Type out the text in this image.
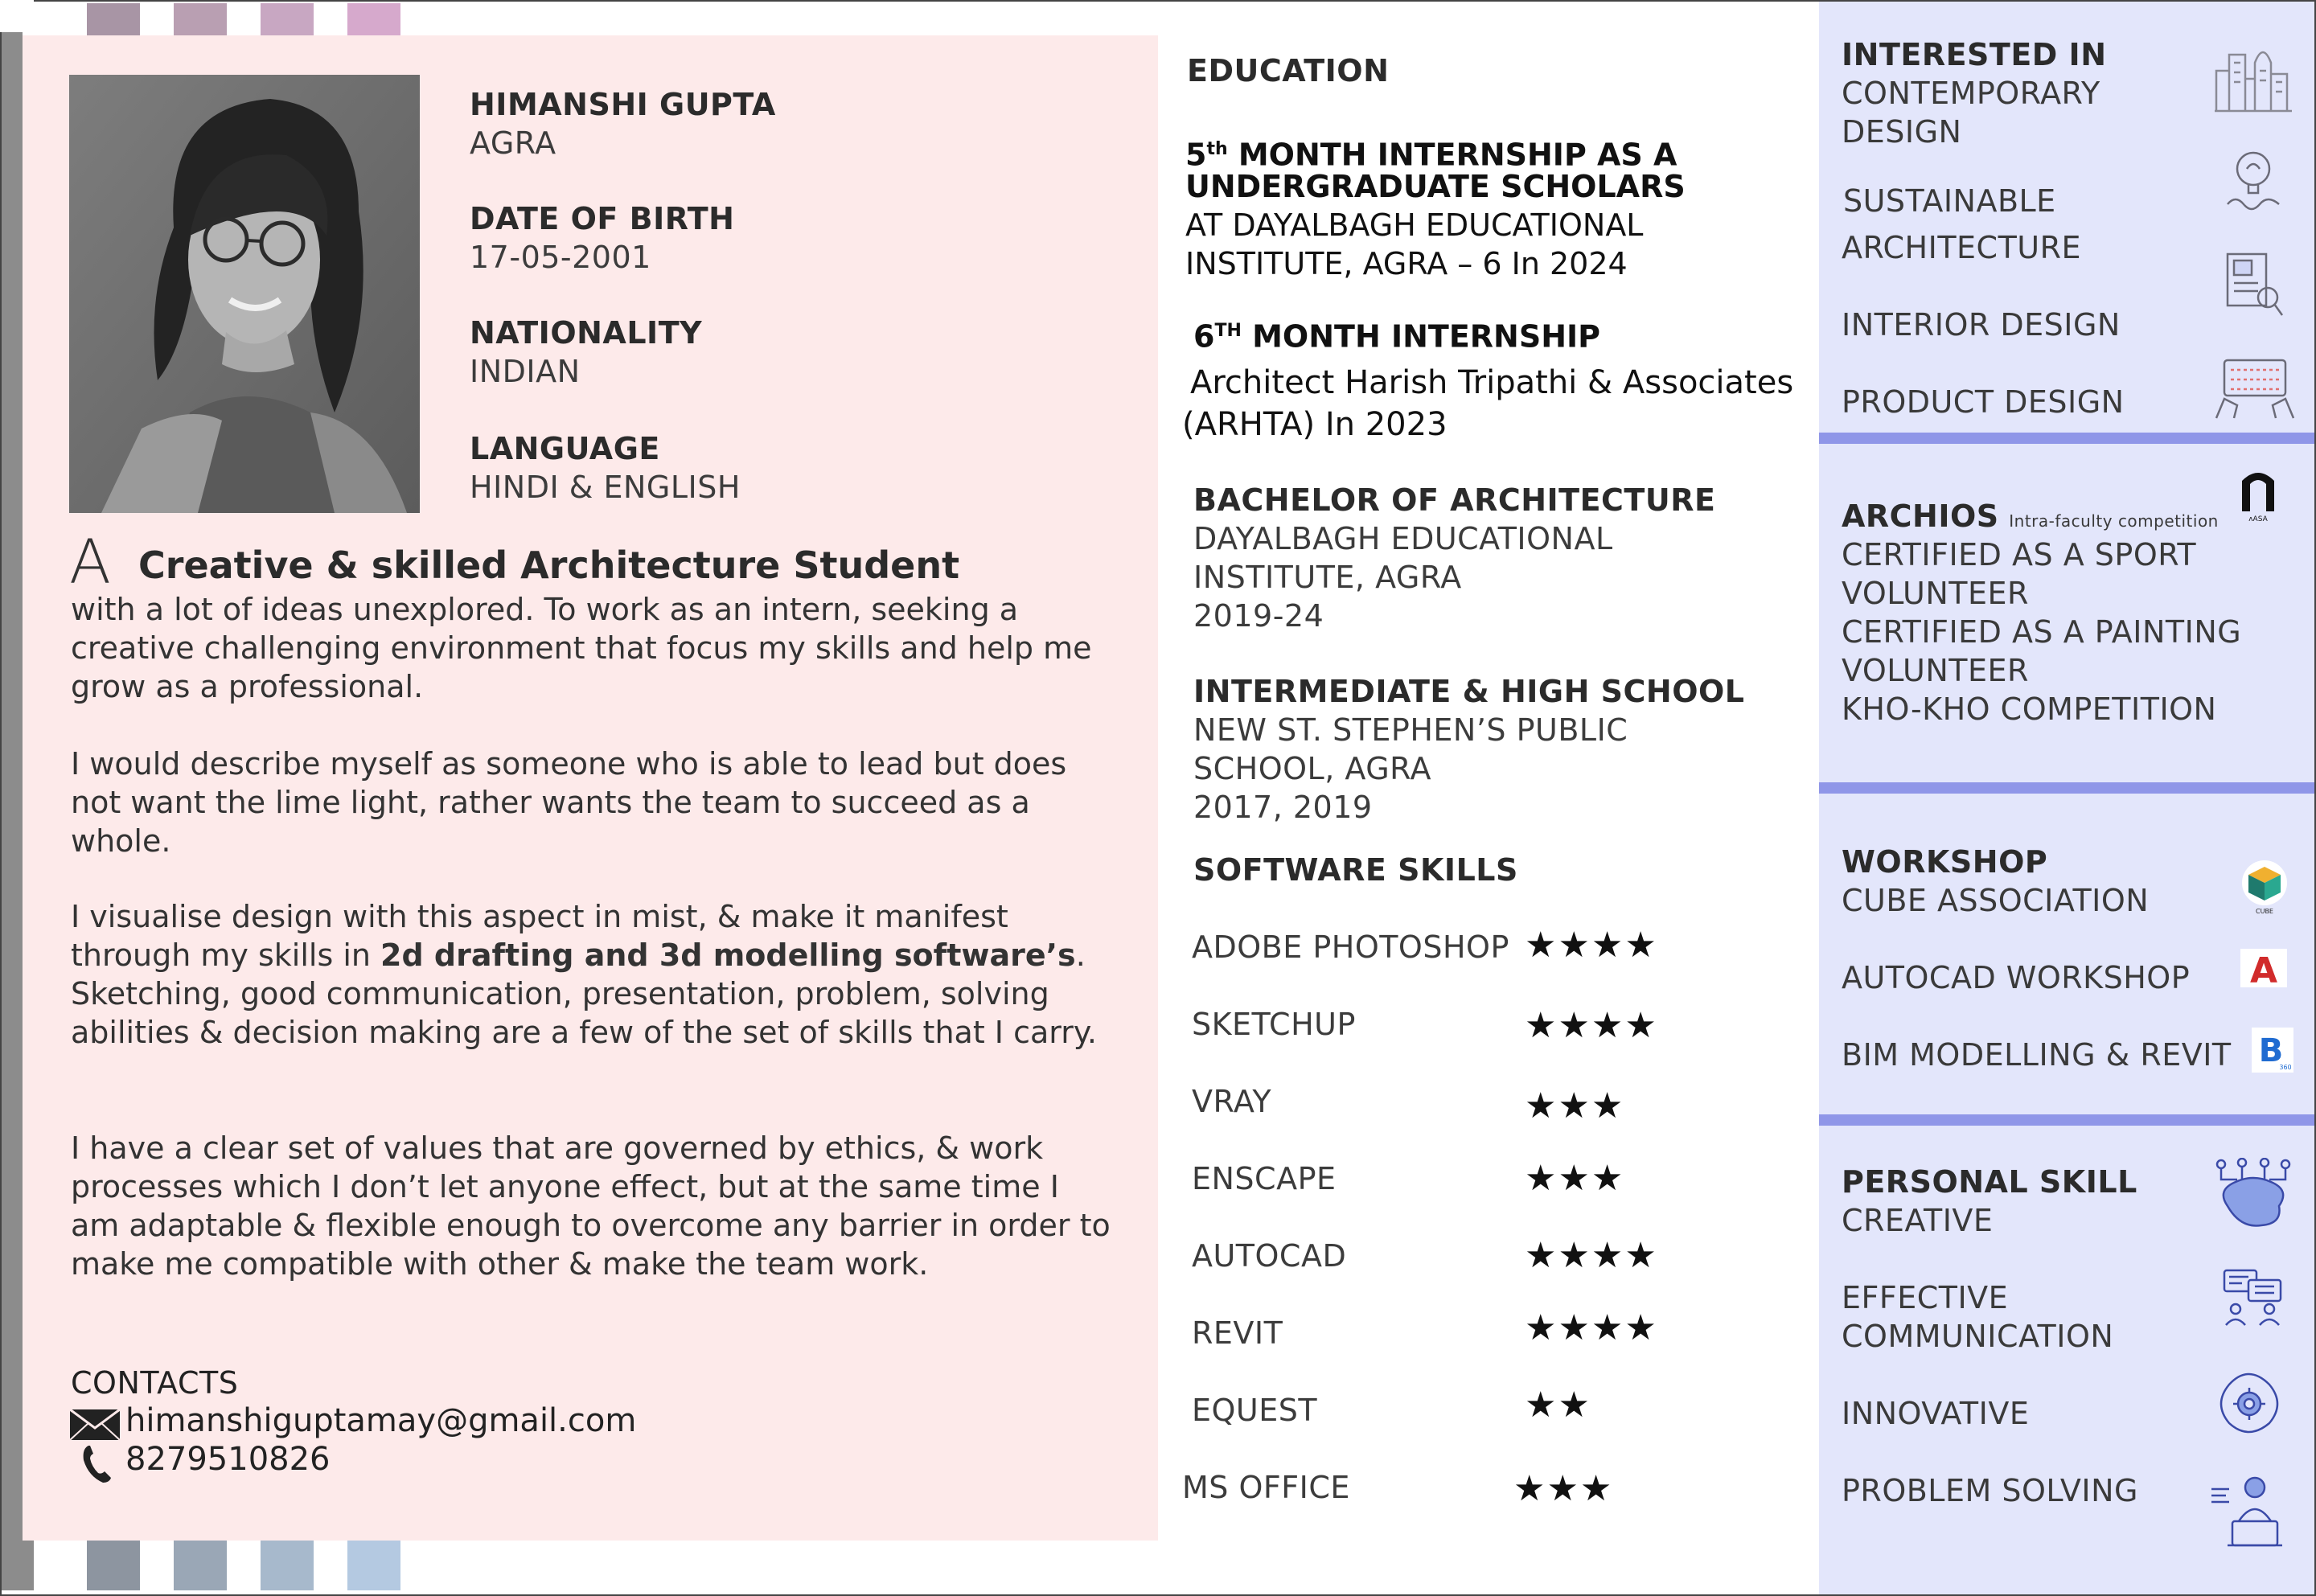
HIMANSHI GUPTA
AGRA
DATE OF BIRTH
17-05-2001
NATIONALITY
INDIAN
LANGUAGE
HINDI & ENGLISH
A Creative & skilled Architecture Student
with a lot of ideas unexplored. To work as an intern, seeking a creative challenging environment that focus my skills and help me grow as a professional.
I would describe myself as someone who is able to lead but does not want the lime light, rather wants the team to succeed as a whole.
I visualise design with this aspect in mist, & make it manifest through my skills in 2d drafting and 3d modelling software’s. Sketching, good communication, presentation, problem, solving abilities & decision making are a few of the set of skills that I carry.
I have a clear set of values that are governed by ethics, & work processes which I don’t let anyone effect, but at the same time I am adaptable & flexible enough to overcome any barrier in order to make me compatible with other & make the team work.
CONTACTS
himanshiguptamay@gmail.com
8279510826
EDUCATION
5th MONTH INTERNSHIP AS A
UNDERGRADUATE SCHOLARS
AT DAYALBAGH EDUCATIONAL
INSTITUTE, AGRA – 6 In 2024
6TH MONTH INTERNSHIP
Architect Harish Tripathi & Associates
(ARHTA) In 2023
BACHELOR OF ARCHITECTURE
DAYALBAGH EDUCATIONAL
INSTITUTE, AGRA
2019-24
INTERMEDIATE & HIGH SCHOOL
NEW ST. STEPHEN’S PUBLIC
SCHOOL, AGRA
2017, 2019
SOFTWARE SKILLS
ADOBE PHOTOSHOP ★★★★
SKETCHUP	★★★★
VRAY	★★★
ENSCAPE	★★★
AUTOCAD	★★★★
REVIT	★★★★
EQUEST	★★
MS OFFICE	★★★
INTERESTED IN
CONTEMPORARY
DESIGN
SUSTAINABLE
ARCHITECTURE
INTERIOR DESIGN
PRODUCT DESIGN
ʌASA
ARCHIOS Intra-faculty competition
CERTIFIED AS A SPORT
VOLUNTEER
CERTIFIED AS A PAINTING
VOLUNTEER
KHO-KHO COMPETITION
WORKSHOP
CUBE ASSOCIATION
AUTOCAD WORKSHOP
BIM MODELLING & REVIT
CUBE
A
B
360
PERSONAL SKILL
CREATIVE
EFFECTIVE
COMMUNICATION
INNOVATIVE
PROBLEM SOLVING
